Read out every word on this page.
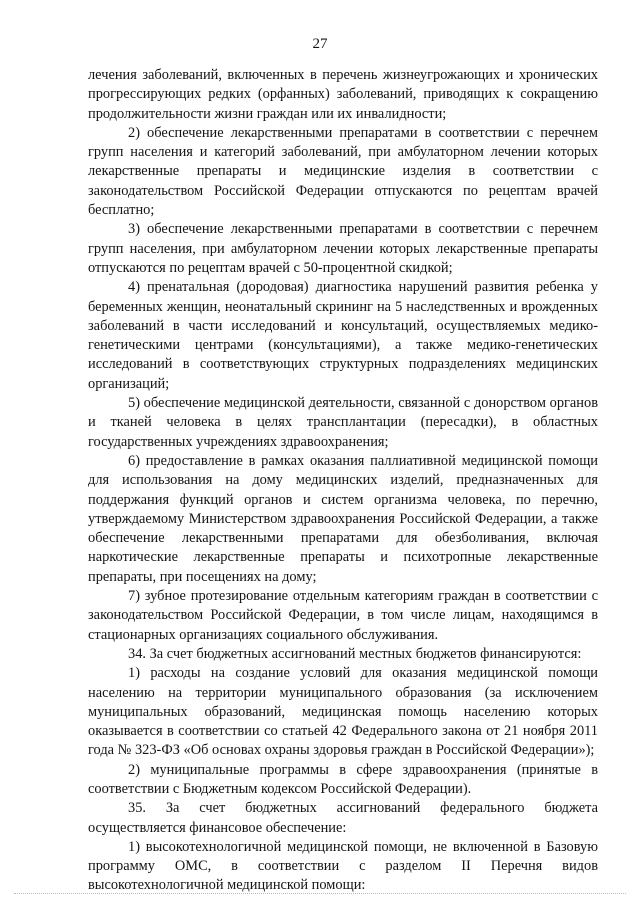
27

лечения заболеваний, включенных в перечень жизнеугрожающих и хронических прогрессирующих редких (орфанных) заболеваний, приводящих к сокращению продолжительности жизни граждан или их инвалидности;

2) обеспечение лекарственными препаратами в соответствии с перечнем групп населения и категорий заболеваний, при амбулаторном лечении которых лекарственные препараты и медицинские изделия в соответствии с законодательством Российской Федерации отпускаются по рецептам врачей бесплатно;

3) обеспечение лекарственными препаратами в соответствии с перечнем групп населения, при амбулаторном лечении которых лекарственные препараты отпускаются по рецептам врачей с 50-процентной скидкой;

4) пренатальная (дородовая) диагностика нарушений развития ребенка у беременных женщин, неонатальный скрининг на 5 наследственных и врожденных заболеваний в части исследований и консультаций, осуществляемых медико-генетическими центрами (консультациями), а также медико-генетических исследований в соответствующих структурных подразделениях медицинских организаций;

5) обеспечение медицинской деятельности, связанной с донорством органов и тканей человека в целях трансплантации (пересадки), в областных государственных учреждениях здравоохранения;

6) предоставление в рамках оказания паллиативной медицинской помощи для использования на дому медицинских изделий, предназначенных для поддержания функций органов и систем организма человека, по перечню, утверждаемому Министерством здравоохранения Российской Федерации, а также обеспечение лекарственными препаратами для обезболивания, включая наркотические лекарственные препараты и психотропные лекарственные препараты, при посещениях на дому;

7) зубное протезирование отдельным категориям граждан в соответствии с законодательством Российской Федерации, в том числе лицам, находящимся в стационарных организациях социального обслуживания.

34. За счет бюджетных ассигнований местных бюджетов финансируются:

1) расходы на создание условий для оказания медицинской помощи населению на территории муниципального образования (за исключением муниципальных образований, медицинская помощь населению которых оказывается в соответствии со статьей 42 Федерального закона от 21 ноября 2011 года № 323-ФЗ «Об основах охраны здоровья граждан в Российской Федерации»);

2) муниципальные программы в сфере здравоохранения (принятые в соответствии с Бюджетным кодексом Российской Федерации).

35. За счет бюджетных ассигнований федерального бюджета осуществляется финансовое обеспечение:

1) высокотехнологичной медицинской помощи, не включенной в Базовую программу ОМС, в соответствии с разделом II Перечня видов высокотехнологичной медицинской помощи:
